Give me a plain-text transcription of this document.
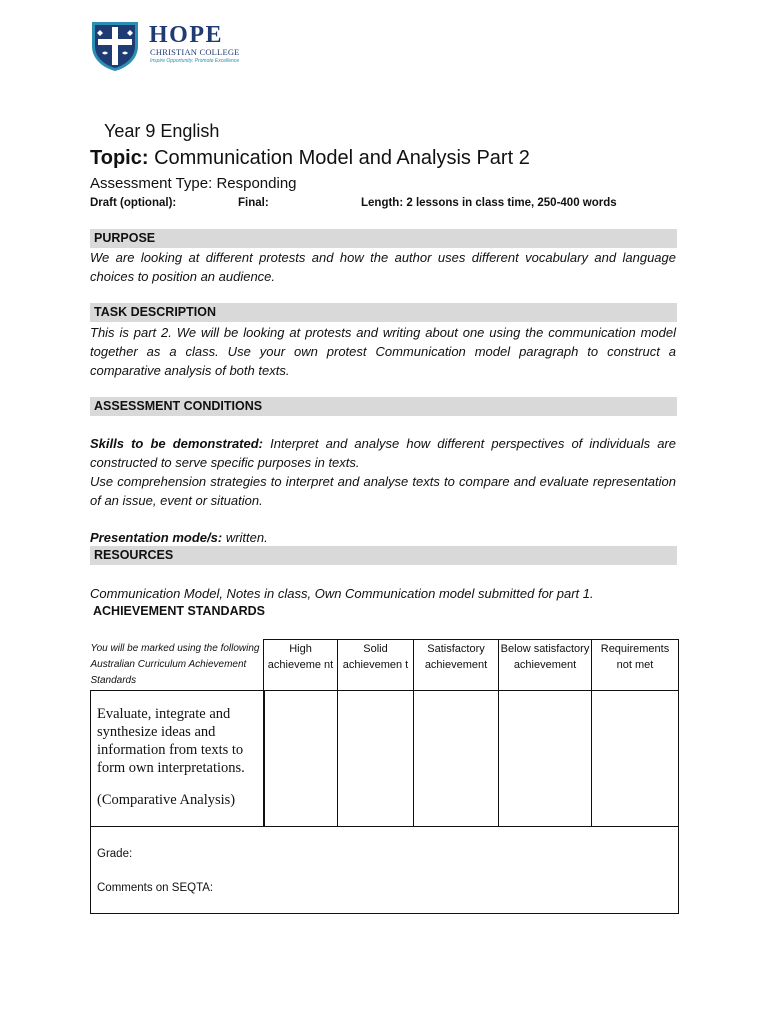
HOPE
CHRISTIAN COLLEGE
Inspire Opportunity. Promote Excellence
Year 9 English
Topic: Communication Model and Analysis Part 2
Assessment Type: Responding
Draft (optional):	Final:	Length: 2 lessons in class time, 250-400 words
PURPOSE
We are looking at different protests and how the author uses different vocabulary and language choices to position an audience.
TASK DESCRIPTION
This is part 2. We will be looking at protests and writing about one using the communication model together as a class. Use your own protest Communication model paragraph to construct a comparative analysis of both texts.
ASSESSMENT CONDITIONS
Skills to be demonstrated: Interpret and analyse how different perspectives of individuals are constructed to serve specific purposes in texts.
Use comprehension strategies to interpret and analyse texts to compare and evaluate representation of an issue, event or situation.
Presentation mode/s: written.
RESOURCES
Communication Model, Notes in class, Own Communication model submitted for part 1.
ACHIEVEMENT STANDARDS
You will be marked using the following Australian Curriculum Achievement Standards	High achieveme nt	Solid achievemen t	Satisfactory achievement	Below satisfactory achievement	Requirements not met

Evaluate, integrate and synthesize ideas and information from texts to form own interpretations.
(Comparative Analysis)					

Grade:
Comments on SEQTA:					
